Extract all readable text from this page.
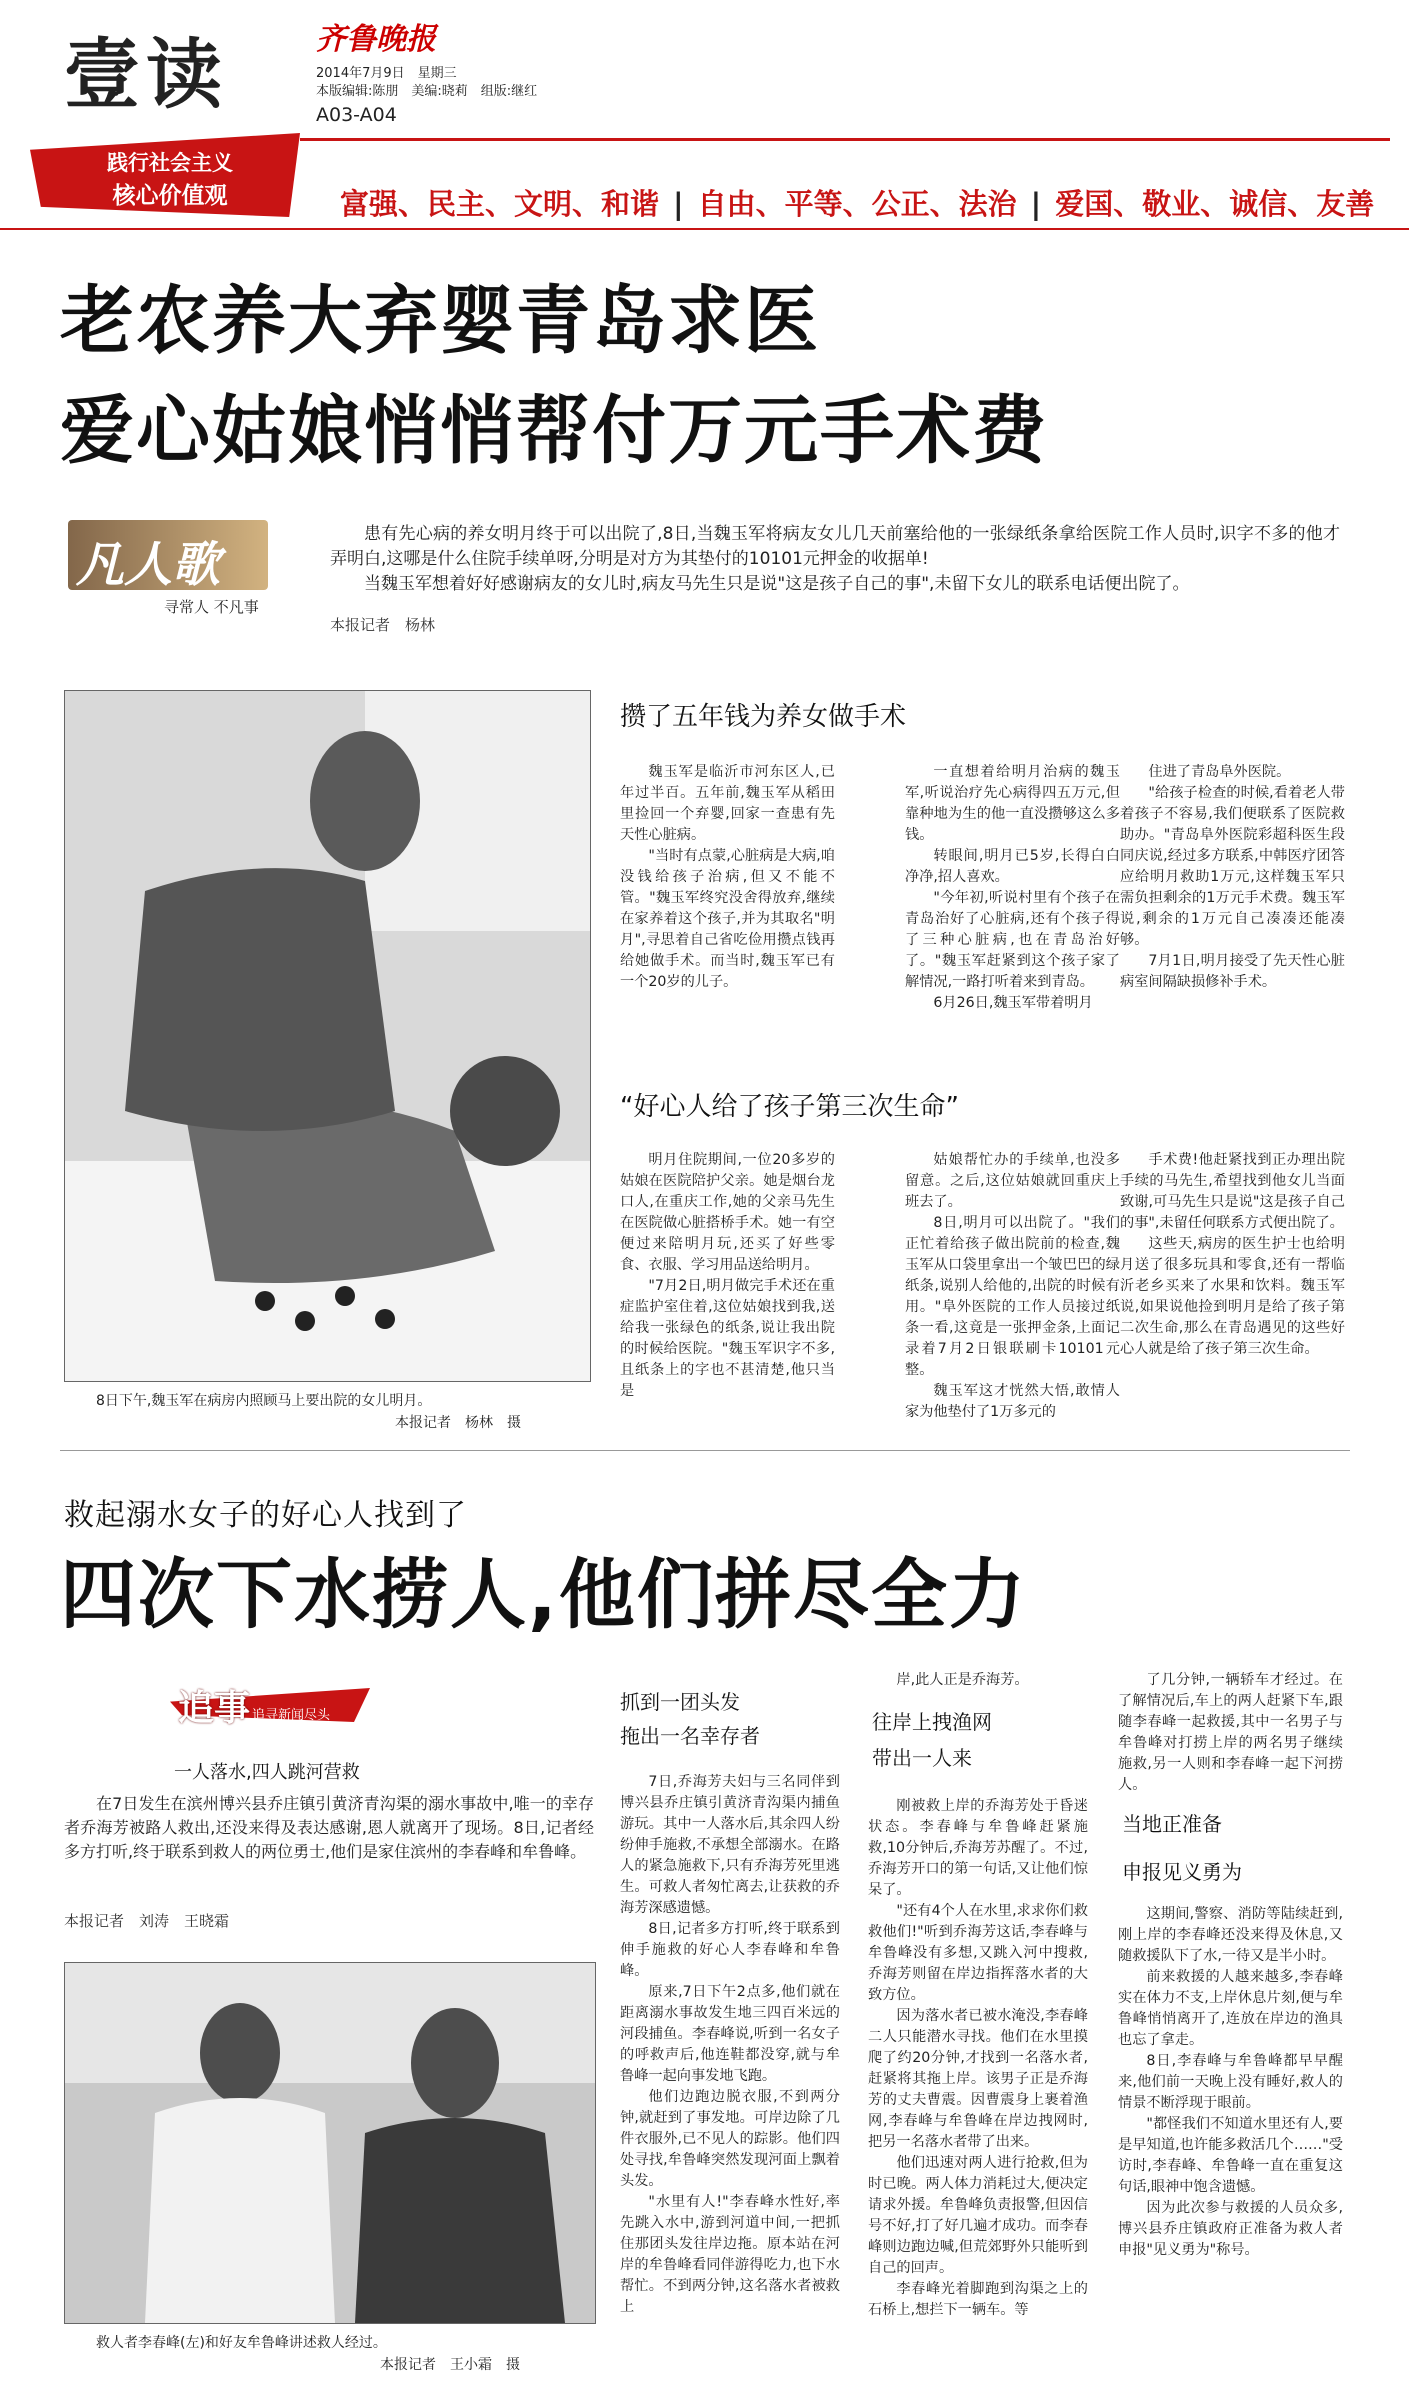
壹读	齐鲁晚报
2014年7月9日　星期三
本版编辑:陈朋　美编:晓莉　组版:继红
A03-A04
践行社会主义
核心价值观	富强、民主、文明、和谐 | 自由、平等、公正、法治 | 爱国、敬业、诚信、友善
老农养大弃婴青岛求医
爱心姑娘悄悄帮付万元手术费
凡人歌
寻常人 不凡事

患有先心病的养女明月终于可以出院了,8日,当魏玉军将病友女儿几天前塞给他的一张绿纸条拿给医院工作人员时,识字不多的他才弄明白,这哪是什么住院手续单呀,分明是对方为其垫付的10101元押金的收据单!

当魏玉军想着好好感谢病友的女儿时,病友马先生只是说"这是孩子自己的事",未留下女儿的联系电话便出院了。

本报记者　杨林
8日下午,魏玉军在病房内照顾马上要出院的女儿明月。
本报记者　杨林　摄
攒了五年钱为养女做手术

魏玉军是临沂市河东区人,已年过半百。五年前,魏玉军从稻田里捡回一个弃婴,回家一查患有先天性心脏病。

"当时有点蒙,心脏病是大病,咱没钱给孩子治病,但又不能不管。"魏玉军终究没舍得放弃,继续在家养着这个孩子,并为其取名"明月",寻思着自己省吃俭用攒点钱再给她做手术。而当时,魏玉军已有一个20岁的儿子。

一直想着给明月治病的魏玉军,听说治疗先心病得四五万元,但靠种地为生的他一直没攒够这么多钱。

转眼间,明月已5岁,长得白白净净,招人喜欢。

"今年初,听说村里有个孩子在青岛治好了心脏病,还有个孩子得了三种心脏病,也在青岛治好了。"魏玉军赶紧到这个孩子家了解情况,一路打听着来到青岛。

6月26日,魏玉军带着明月

住进了青岛阜外医院。

"给孩子检查的时候,看着老人带着孩子不容易,我们便联系了医院救助办。"青岛阜外医院彩超科医生段同庆说,经过多方联系,中韩医疗团答应给明月救助1万元,这样魏玉军只需负担剩余的1万元手术费。魏玉军说,剩余的1万元自己凑凑还能凑够。

7月1日,明月接受了先天性心脏病室间隔缺损修补手术。

“好心人给了孩子第三次生命”

明月住院期间,一位20多岁的姑娘在医院陪护父亲。她是烟台龙口人,在重庆工作,她的父亲马先生在医院做心脏搭桥手术。她一有空便过来陪明月玩,还买了好些零食、衣服、学习用品送给明月。

"7月2日,明月做完手术还在重症监护室住着,这位姑娘找到我,送给我一张绿色的纸条,说让我出院的时候给医院。"魏玉军识字不多,且纸条上的字也不甚清楚,他只当是

姑娘帮忙办的手续单,也没多留意。之后,这位姑娘就回重庆上班去了。

8日,明月可以出院了。"我们正忙着给孩子做出院前的检查,魏玉军从口袋里拿出一个皱巴巴的绿纸条,说别人给他的,出院的时候有用。"阜外医院的工作人员接过纸条一看,这竟是一张押金条,上面记录着7月2日银联刷卡10101元整。

魏玉军这才恍然大悟,敢情人家为他垫付了1万多元的

手术费!他赶紧找到正办理出院手续的马先生,希望找到他女儿当面致谢,可马先生只是说"这是孩子自己的事",未留任何联系方式便出院了。

这些天,病房的医生护士也给明月送了很多玩具和零食,还有一帮临沂老乡买来了水果和饮料。魏玉军说,如果说他捡到明月是给了孩子第二次生命,那么在青岛遇见的这些好心人就是给了孩子第三次生命。

救起溺水女子的好心人找到了
四次下水捞人,他们拼尽全力
追事 追寻新闻尽头
Zhuishi
一人落水,四人跳河营救

在7日发生在滨州博兴县乔庄镇引黄济青沟渠的溺水事故中,唯一的幸存者乔海芳被路人救出,还没来得及表达感谢,恩人就离开了现场。8日,记者经多方打听,终于联系到救人的两位勇士,他们是家住滨州的李春峰和牟鲁峰。

本报记者　刘涛　王晓霜
救人者李春峰(左)和好友牟鲁峰讲述救人经过。
本报记者　王小霜　摄
抓到一团头发
拖出一名幸存者

7日,乔海芳夫妇与三名同伴到博兴县乔庄镇引黄济青沟渠内捕鱼游玩。其中一人落水后,其余四人纷纷伸手施救,不承想全部溺水。在路人的紧急施救下,只有乔海芳死里逃生。可救人者匆忙离去,让获救的乔海芳深感遗憾。

8日,记者多方打听,终于联系到伸手施救的好心人李春峰和牟鲁峰。

原来,7日下午2点多,他们就在距离溺水事故发生地三四百米远的河段捕鱼。李春峰说,听到一名女子的呼救声后,他连鞋都没穿,就与牟鲁峰一起向事发地飞跑。

他们边跑边脱衣服,不到两分钟,就赶到了事发地。可岸边除了几件衣服外,已不见人的踪影。他们四处寻找,牟鲁峰突然发现河面上飘着头发。

"水里有人!"李春峰水性好,率先跳入水中,游到河道中间,一把抓住那团头发往岸边拖。原本站在河岸的牟鲁峰看同伴游得吃力,也下水帮忙。不到两分钟,这名落水者被救上

岸,此人正是乔海芳。

往岸上拽渔网
带出一人来

刚被救上岸的乔海芳处于昏迷状态。李春峰与牟鲁峰赶紧施救,10分钟后,乔海芳苏醒了。不过,乔海芳开口的第一句话,又让他们惊呆了。

"还有4个人在水里,求求你们救救他们!"听到乔海芳这话,李春峰与牟鲁峰没有多想,又跳入河中搜救,乔海芳则留在岸边指挥落水者的大致方位。

因为落水者已被水淹没,李春峰二人只能潜水寻找。他们在水里摸爬了约20分钟,才找到一名落水者,赶紧将其拖上岸。该男子正是乔海芳的丈夫曹震。因曹震身上裹着渔网,李春峰与牟鲁峰在岸边拽网时,把另一名落水者带了出来。

他们迅速对两人进行抢救,但为时已晚。两人体力消耗过大,便决定请求外援。牟鲁峰负责报警,但因信号不好,打了好几遍才成功。而李春峰则边跑边喊,但荒郊野外只能听到自己的回声。

李春峰光着脚跑到沟渠之上的石桥上,想拦下一辆车。等

了几分钟,一辆轿车才经过。在了解情况后,车上的两人赶紧下车,跟随李春峰一起救援,其中一名男子与牟鲁峰对打捞上岸的两名男子继续施救,另一人则和李春峰一起下河捞人。

当地正准备
申报见义勇为

这期间,警察、消防等陆续赶到,刚上岸的李春峰还没来得及休息,又随救援队下了水,一待又是半小时。

前来救援的人越来越多,李春峰实在体力不支,上岸休息片刻,便与牟鲁峰悄悄离开了,连放在岸边的渔具也忘了拿走。

8日,李春峰与牟鲁峰都早早醒来,他们前一天晚上没有睡好,救人的情景不断浮现于眼前。

"都怪我们不知道水里还有人,要是早知道,也许能多救活几个……"受访时,李春峰、牟鲁峰一直在重复这句话,眼神中饱含遗憾。

因为此次参与救援的人员众多,博兴县乔庄镇政府正准备为救人者申报"见义勇为"称号。
